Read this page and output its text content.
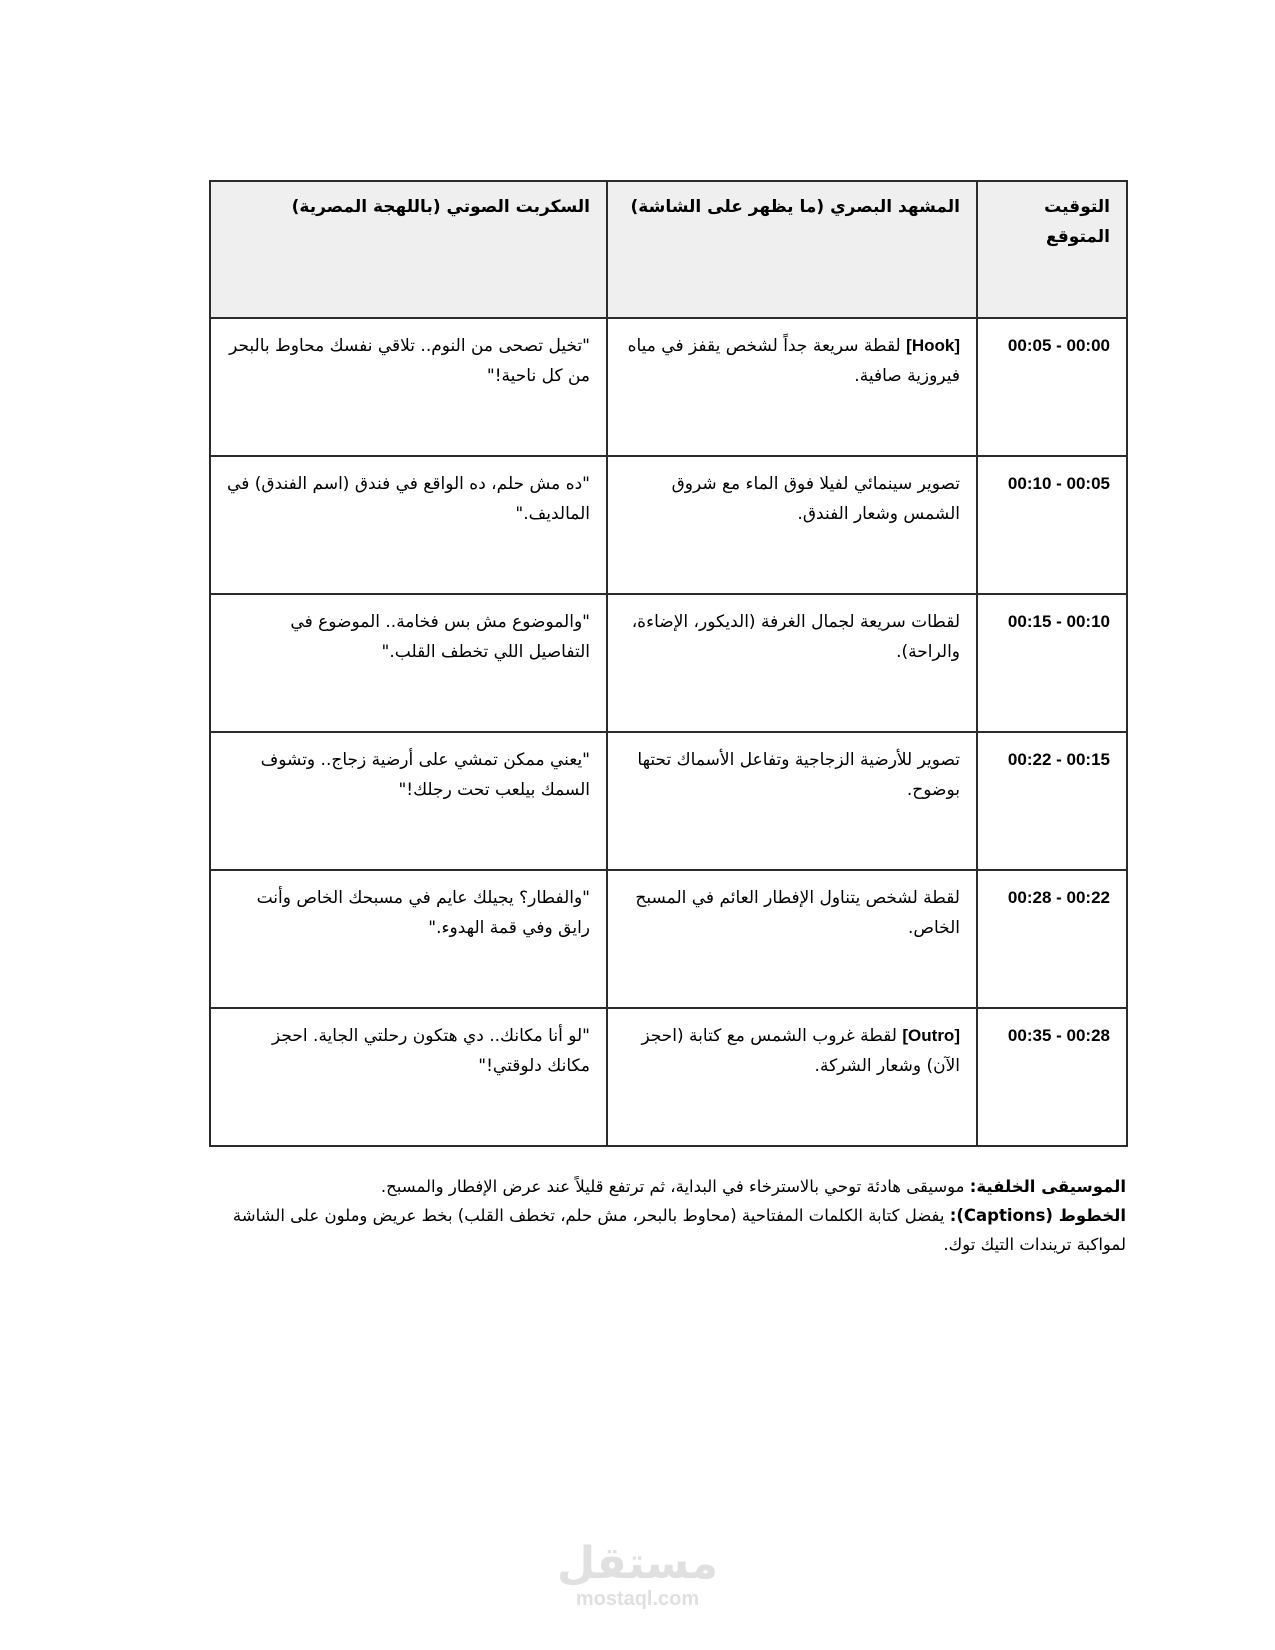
التوقيت المتوقع	المشهد البصري (ما يظهر على الشاشة)	السكربت الصوتي (باللهجة المصرية)
00:00 - 00:05	[Hook] لقطة سريعة جداً لشخص يقفز في مياه فيروزية صافية.	"تخيل تصحى من النوم.. تلاقي نفسك محاوط بالبحر من كل ناحية!"
00:05 - 00:10	تصوير سينمائي لفيلا فوق الماء مع شروق الشمس وشعار الفندق.	"ده مش حلم، ده الواقع في فندق (اسم الفندق) في المالديف."
00:10 - 00:15	لقطات سريعة لجمال الغرفة (الديكور، الإضاءة، والراحة).	"والموضوع مش بس فخامة.. الموضوع في التفاصيل اللي تخطف القلب."
00:15 - 00:22	تصوير للأرضية الزجاجية وتفاعل الأسماك تحتها بوضوح.	"يعني ممكن تمشي على أرضية زجاج.. وتشوف السمك بيلعب تحت رجلك!"
00:22 - 00:28	لقطة لشخص يتناول الإفطار العائم في المسبح الخاص.	"والفطار؟ يجيلك عايم في مسبحك الخاص وأنت رايق وفي قمة الهدوء."
00:28 - 00:35	[Outro] لقطة غروب الشمس مع كتابة (احجز الآن) وشعار الشركة.	"لو أنا مكانك.. دي هتكون رحلتي الجاية. احجز مكانك دلوقتي!"

الموسيقى الخلفية: موسيقى هادئة توحي بالاسترخاء في البداية، ثم ترتفع قليلاً عند عرض الإفطار والمسبح.

الخطوط (Captions): يفضل كتابة الكلمات المفتاحية (محاوط بالبحر، مش حلم، تخطف القلب) بخط عريض وملون على الشاشة لمواكبة تريندات التيك توك.

مستقل
mostaql.com
